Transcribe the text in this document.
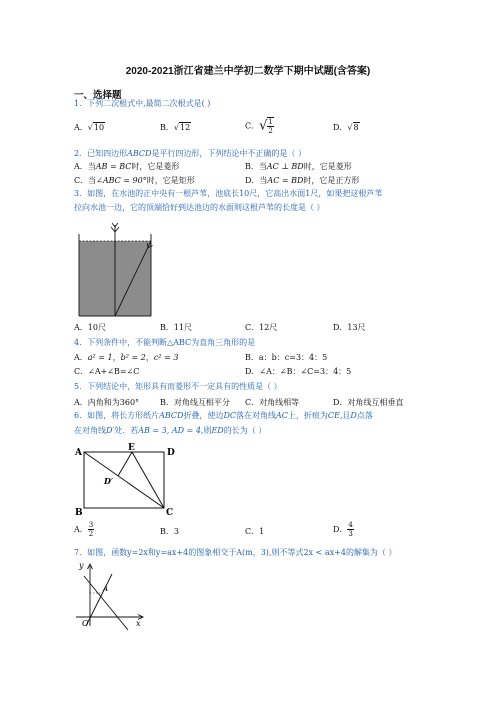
2020-2021浙江省建兰中学初二数学下期中试题(含答案)
一、选择题
1．下列二次根式中,最简二次根式是( )
A．√10	B．√12	C．√ $\frac{1}{2}$	D．√8
2．已知四边形ABCD是平行四边形，下列结论中不正确的是（ ）
A．当AB = BC时，它是菱形	B．当AC ⊥ BD时，它是菱形
C．当∠ABC = 90°时，它是矩形	D．当AC = BD时，它是正方形
3．如图，在水池的正中央有一根芦苇，池底长10尺，它高出水面1尺，如果把这根芦苇
拉向水池一边，它的顶端恰好到达池边的水面则这根芦苇的长度是（ ）
A．10尺	B．11尺	C．12尺	D．13尺
4．下列条件中，不能判断△ABC为直角三角形的是
A．a² = 1，b² = 2，c² = 3	B．a：b：c=3：4：5
C．∠A+∠B=∠C	D．∠A：∠B：∠C=3：4：5
5．下列结论中，矩形具有而菱形不一定具有的性质是（ ）
A．内角和为360°	B．对角线互相平分 C．对角线相等	D．对角线互相垂直
6．如图，将长方形纸片ABCD折叠，使边DC落在对角线AC上，折痕为CE,且D点落
在对角线D′处．若AB = 3, AD = 4,则ED的长为（ ）
A	E	D
D′
B	C
A． $\frac{3}{2}$	B．3	C．1	D． $\frac{4}{3}$
7．如图，函数y=2x和y=ax+4的图象相交于A(m，3),则不等式2x < ax+4的解集为（ ）
y
x
O
A
